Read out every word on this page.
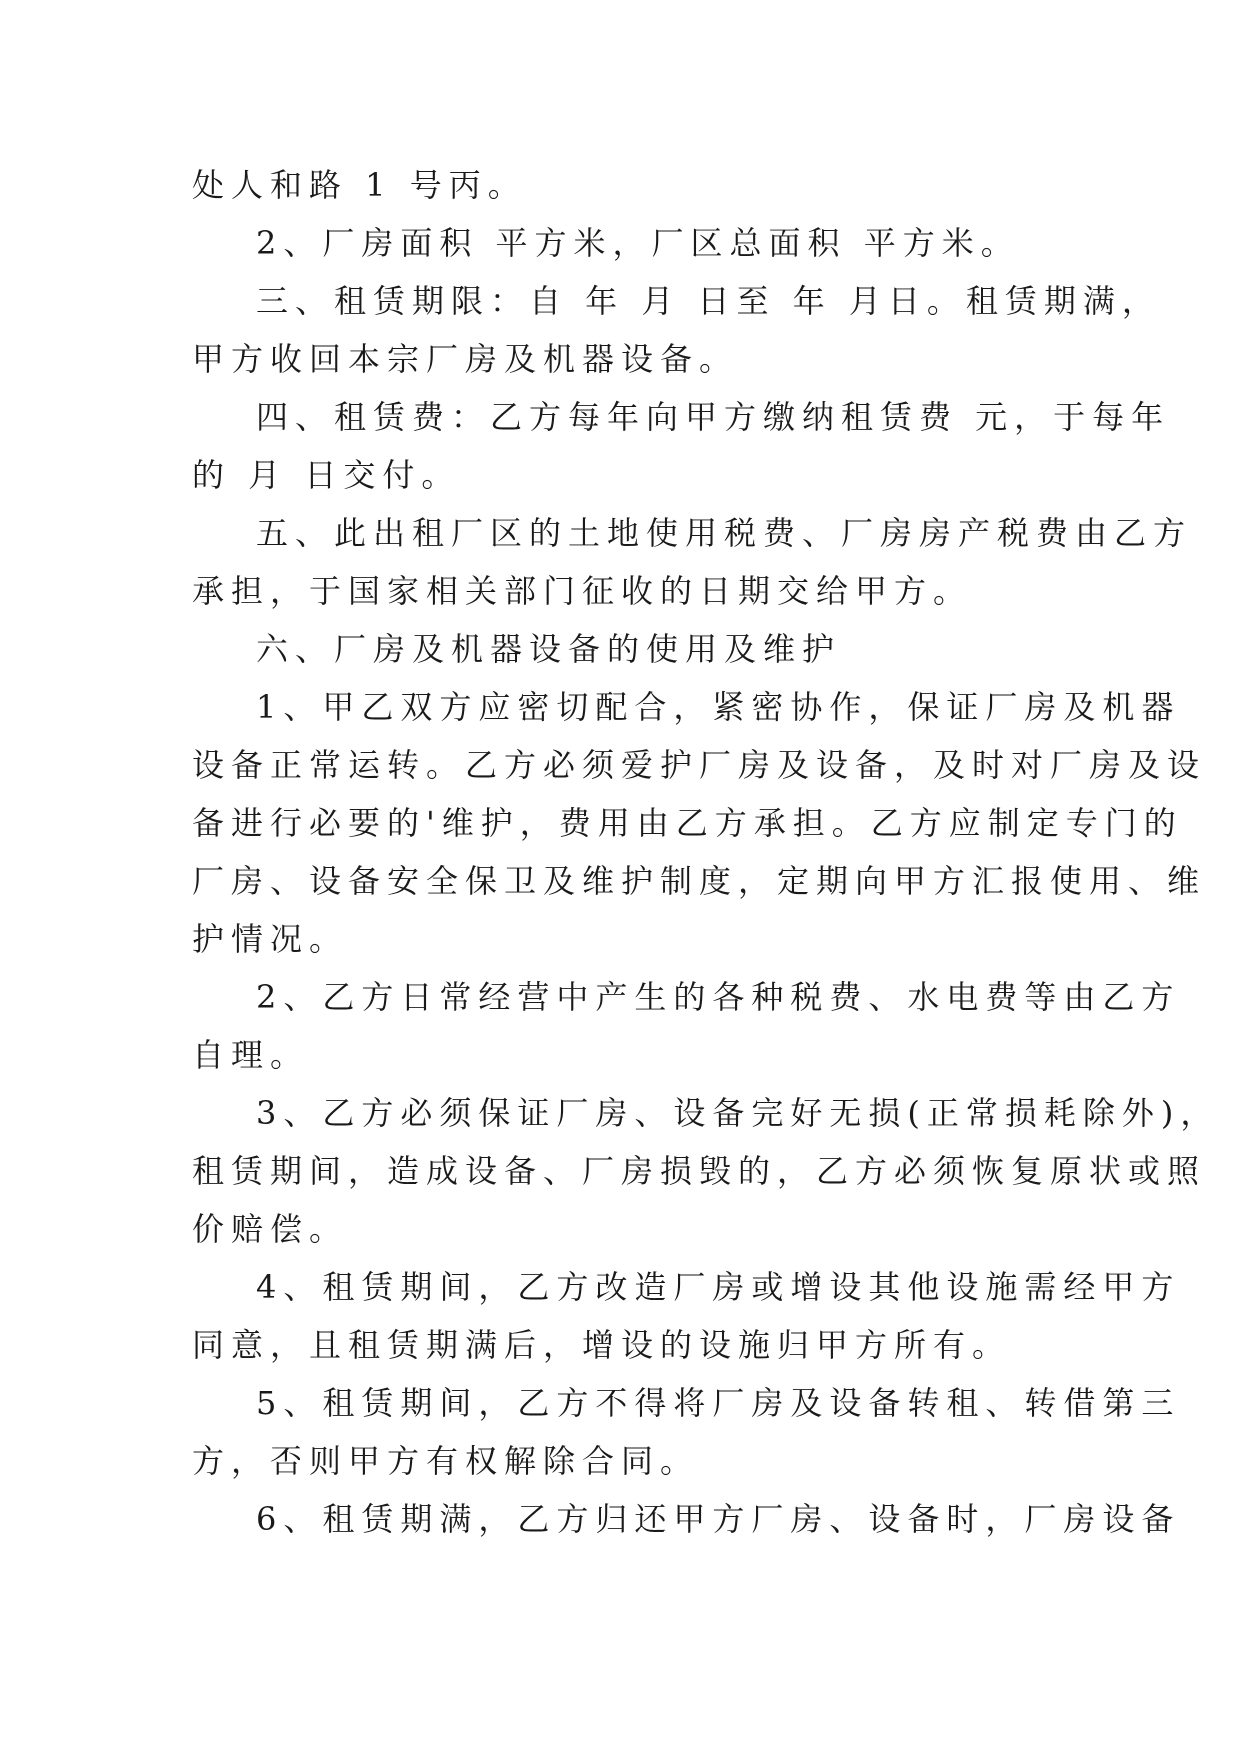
处人和路 1 号丙。
2、厂房面积 平方米，厂区总面积 平方米。
三、租赁期限：自 年 月 日至 年 月日。租赁期满，
甲方收回本宗厂房及机器设备。
四、租赁费：乙方每年向甲方缴纳租赁费 元，于每年
的 月 日交付。
五、此出租厂区的土地使用税费、厂房房产税费由乙方
承担，于国家相关部门征收的日期交给甲方。
六、厂房及机器设备的使用及维护
1、甲乙双方应密切配合，紧密协作，保证厂房及机器
设备正常运转。乙方必须爱护厂房及设备，及时对厂房及设
备进行必要的'维护，费用由乙方承担。乙方应制定专门的
厂房、设备安全保卫及维护制度，定期向甲方汇报使用、维
护情况。
2、乙方日常经营中产生的各种税费、水电费等由乙方
自理。
3、乙方必须保证厂房、设备完好无损(正常损耗除外)，
租赁期间，造成设备、厂房损毁的，乙方必须恢复原状或照
价赔偿。
4、租赁期间，乙方改造厂房或增设其他设施需经甲方
同意，且租赁期满后，增设的设施归甲方所有。
5、租赁期间，乙方不得将厂房及设备转租、转借第三
方，否则甲方有权解除合同。
6、租赁期满，乙方归还甲方厂房、设备时，厂房设备
